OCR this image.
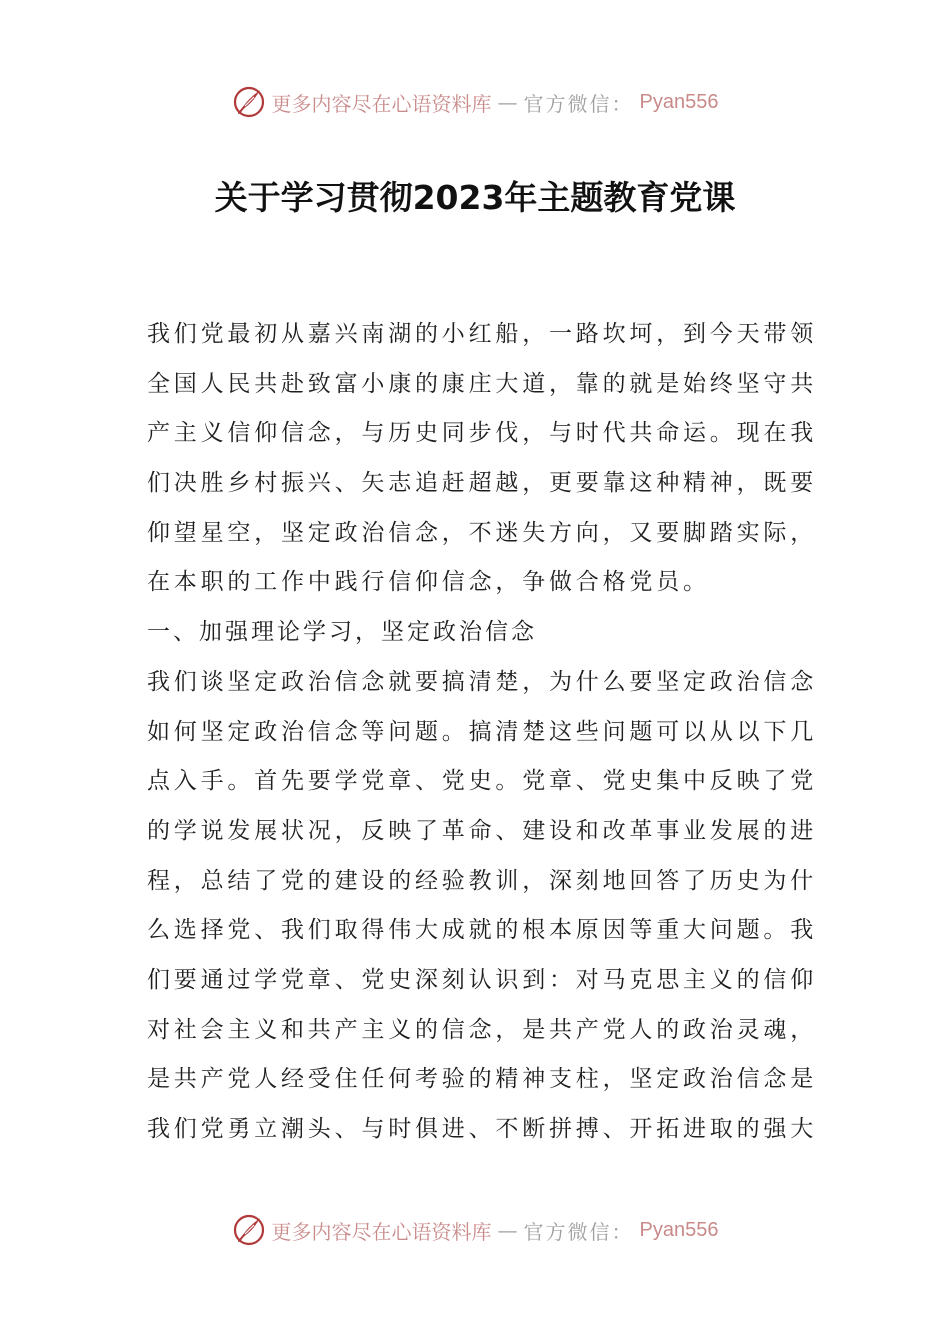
更多内容尽在心语资料库 — 官方微信： Pyan556
关于学习贯彻2023年主题教育党课
我们党最初从嘉兴南湖的小红船，一路坎坷，到今天带领
全国人民共赴致富小康的康庄大道，靠的就是始终坚守共
产主义信仰信念，与历史同步伐，与时代共命运。现在我
们决胜乡村振兴、矢志追赶超越，更要靠这种精神，既要
仰望星空，坚定政治信念，不迷失方向，又要脚踏实际，
在本职的工作中践行信仰信念，争做合格党员。
一、加强理论学习，坚定政治信念
我们谈坚定政治信念就要搞清楚，为什么要坚定政治信念
如何坚定政治信念等问题。搞清楚这些问题可以从以下几
点入手。首先要学党章、党史。党章、党史集中反映了党
的学说发展状况，反映了革命、建设和改革事业发展的进
程，总结了党的建设的经验教训，深刻地回答了历史为什
么选择党、我们取得伟大成就的根本原因等重大问题。我
们要通过学党章、党史深刻认识到：对马克思主义的信仰
对社会主义和共产主义的信念，是共产党人的政治灵魂，
是共产党人经受住任何考验的精神支柱，坚定政治信念是
我们党勇立潮头、与时俱进、不断拼搏、开拓进取的强大
更多内容尽在心语资料库 — 官方微信： Pyan556
